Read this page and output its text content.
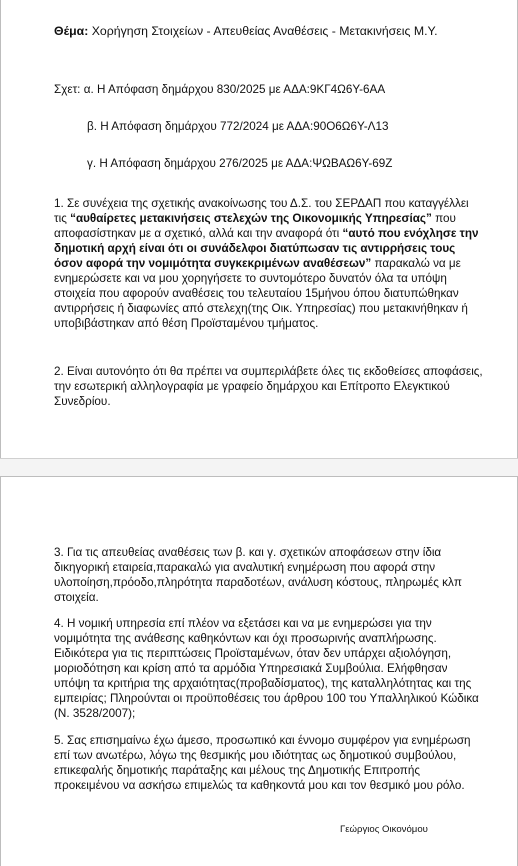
Θέμα: Χορήγηση Στοιχείων - Απευθείας Αναθέσεις - Μετακινήσεις Μ.Υ.
Σχετ: α. Η Απόφαση δημάρχου 830/2025 με ΑΔΑ:9ΚΓ4Ω6Υ-6ΑΑ
β. Η Απόφαση δημάρχου 772/2024 με ΑΔΑ:90Ο6Ω6Υ-Λ13
γ. Η Απόφαση δημάρχου 276/2025 με ΑΔΑ:ΨΩΒΑΩ6Υ-69Ζ

1. Σε συνέχεια της σχετικής ανακοίνωσης του Δ.Σ. του ΣΕΡΔΑΠ που καταγγέλλει τις “αυθαίρετες μετακινήσεις στελεχών της Οικονομικής Υπηρεσίας” που αποφασίστηκαν με α σχετικό, αλλά και την αναφορά ότι “αυτό που ενόχλησε την δημοτική αρχή είναι ότι οι συνάδελφοι διατύπωσαν τις αντιρρήσεις τους όσον αφορά την νομιμότητα συγκεκριμένων αναθέσεων” παρακαλώ να με ενημερώσετε και να μου χορηγήσετε το συντομότερο δυνατόν όλα τα υπόψη στοιχεία που αφορούν αναθέσεις του τελευταίου 15μήνου όπου διατυπώθηκαν αντιρρήσεις ή διαφωνίες από στελεχη(της Οικ. Υπηρεσίας) που μετακινήθηκαν ή υποβιβάστηκαν από θέση Προϊσταμένου τμήματος.

2. Είναι αυτονόητο ότι θα πρέπει να συμπεριλάβετε όλες τις εκδοθείσες αποφάσεις, την εσωτερική αλληλογραφία με γραφείο δημάρχου και Επίτροπο Ελεγκτικού Συνεδρίου.

3. Για τις απευθείας αναθέσεις των β. και γ. σχετικών αποφάσεων στην ίδια δικηγορική εταιρεία,παρακαλώ για αναλυτική ενημέρωση που αφορά στην υλοποίηση,πρόοδο,πληρότητα παραδοτέων, ανάλυση κόστους, πληρωμές κλπ στοιχεία.

4. Η νομική υπηρεσία επί πλέον να εξετάσει και να με ενημερώσει για την νομιμότητα της ανάθεσης καθηκόντων και όχι προσωρινής αναπλήρωσης. Ειδικότερα για τις περιπτώσεις Προϊσταμένων, όταν δεν υπάρχει αξιολόγηση, μοριοδότηση και κρίση από τα αρμόδια Υπηρεσιακά Συμβούλια. Ελήφθησαν υπόψη τα κριτήρια της αρχαιότητας(προβαδίσματος), της καταλληλότητας και της εμπειρίας; Πληρούνται οι προϋποθέσεις του άρθρου 100 του Υπαλληλικού Κώδικα (Ν. 3528/2007);

5. Σας επισημαίνω έχω άμεσο, προσωπικό και έννομο συμφέρον για ενημέρωση επί των ανωτέρω, λόγω της θεσμικής μου ιδιότητας ως δημοτικού συμβούλου, επικεφαλής δημοτικής παράταξης και μέλους της Δημοτικής Επιτροπής προκειμένου να ασκήσω επιμελώς τα καθηκοντά μου και τον θεσμικό μου ρόλο.

Γεώργιος Οικονόμου
